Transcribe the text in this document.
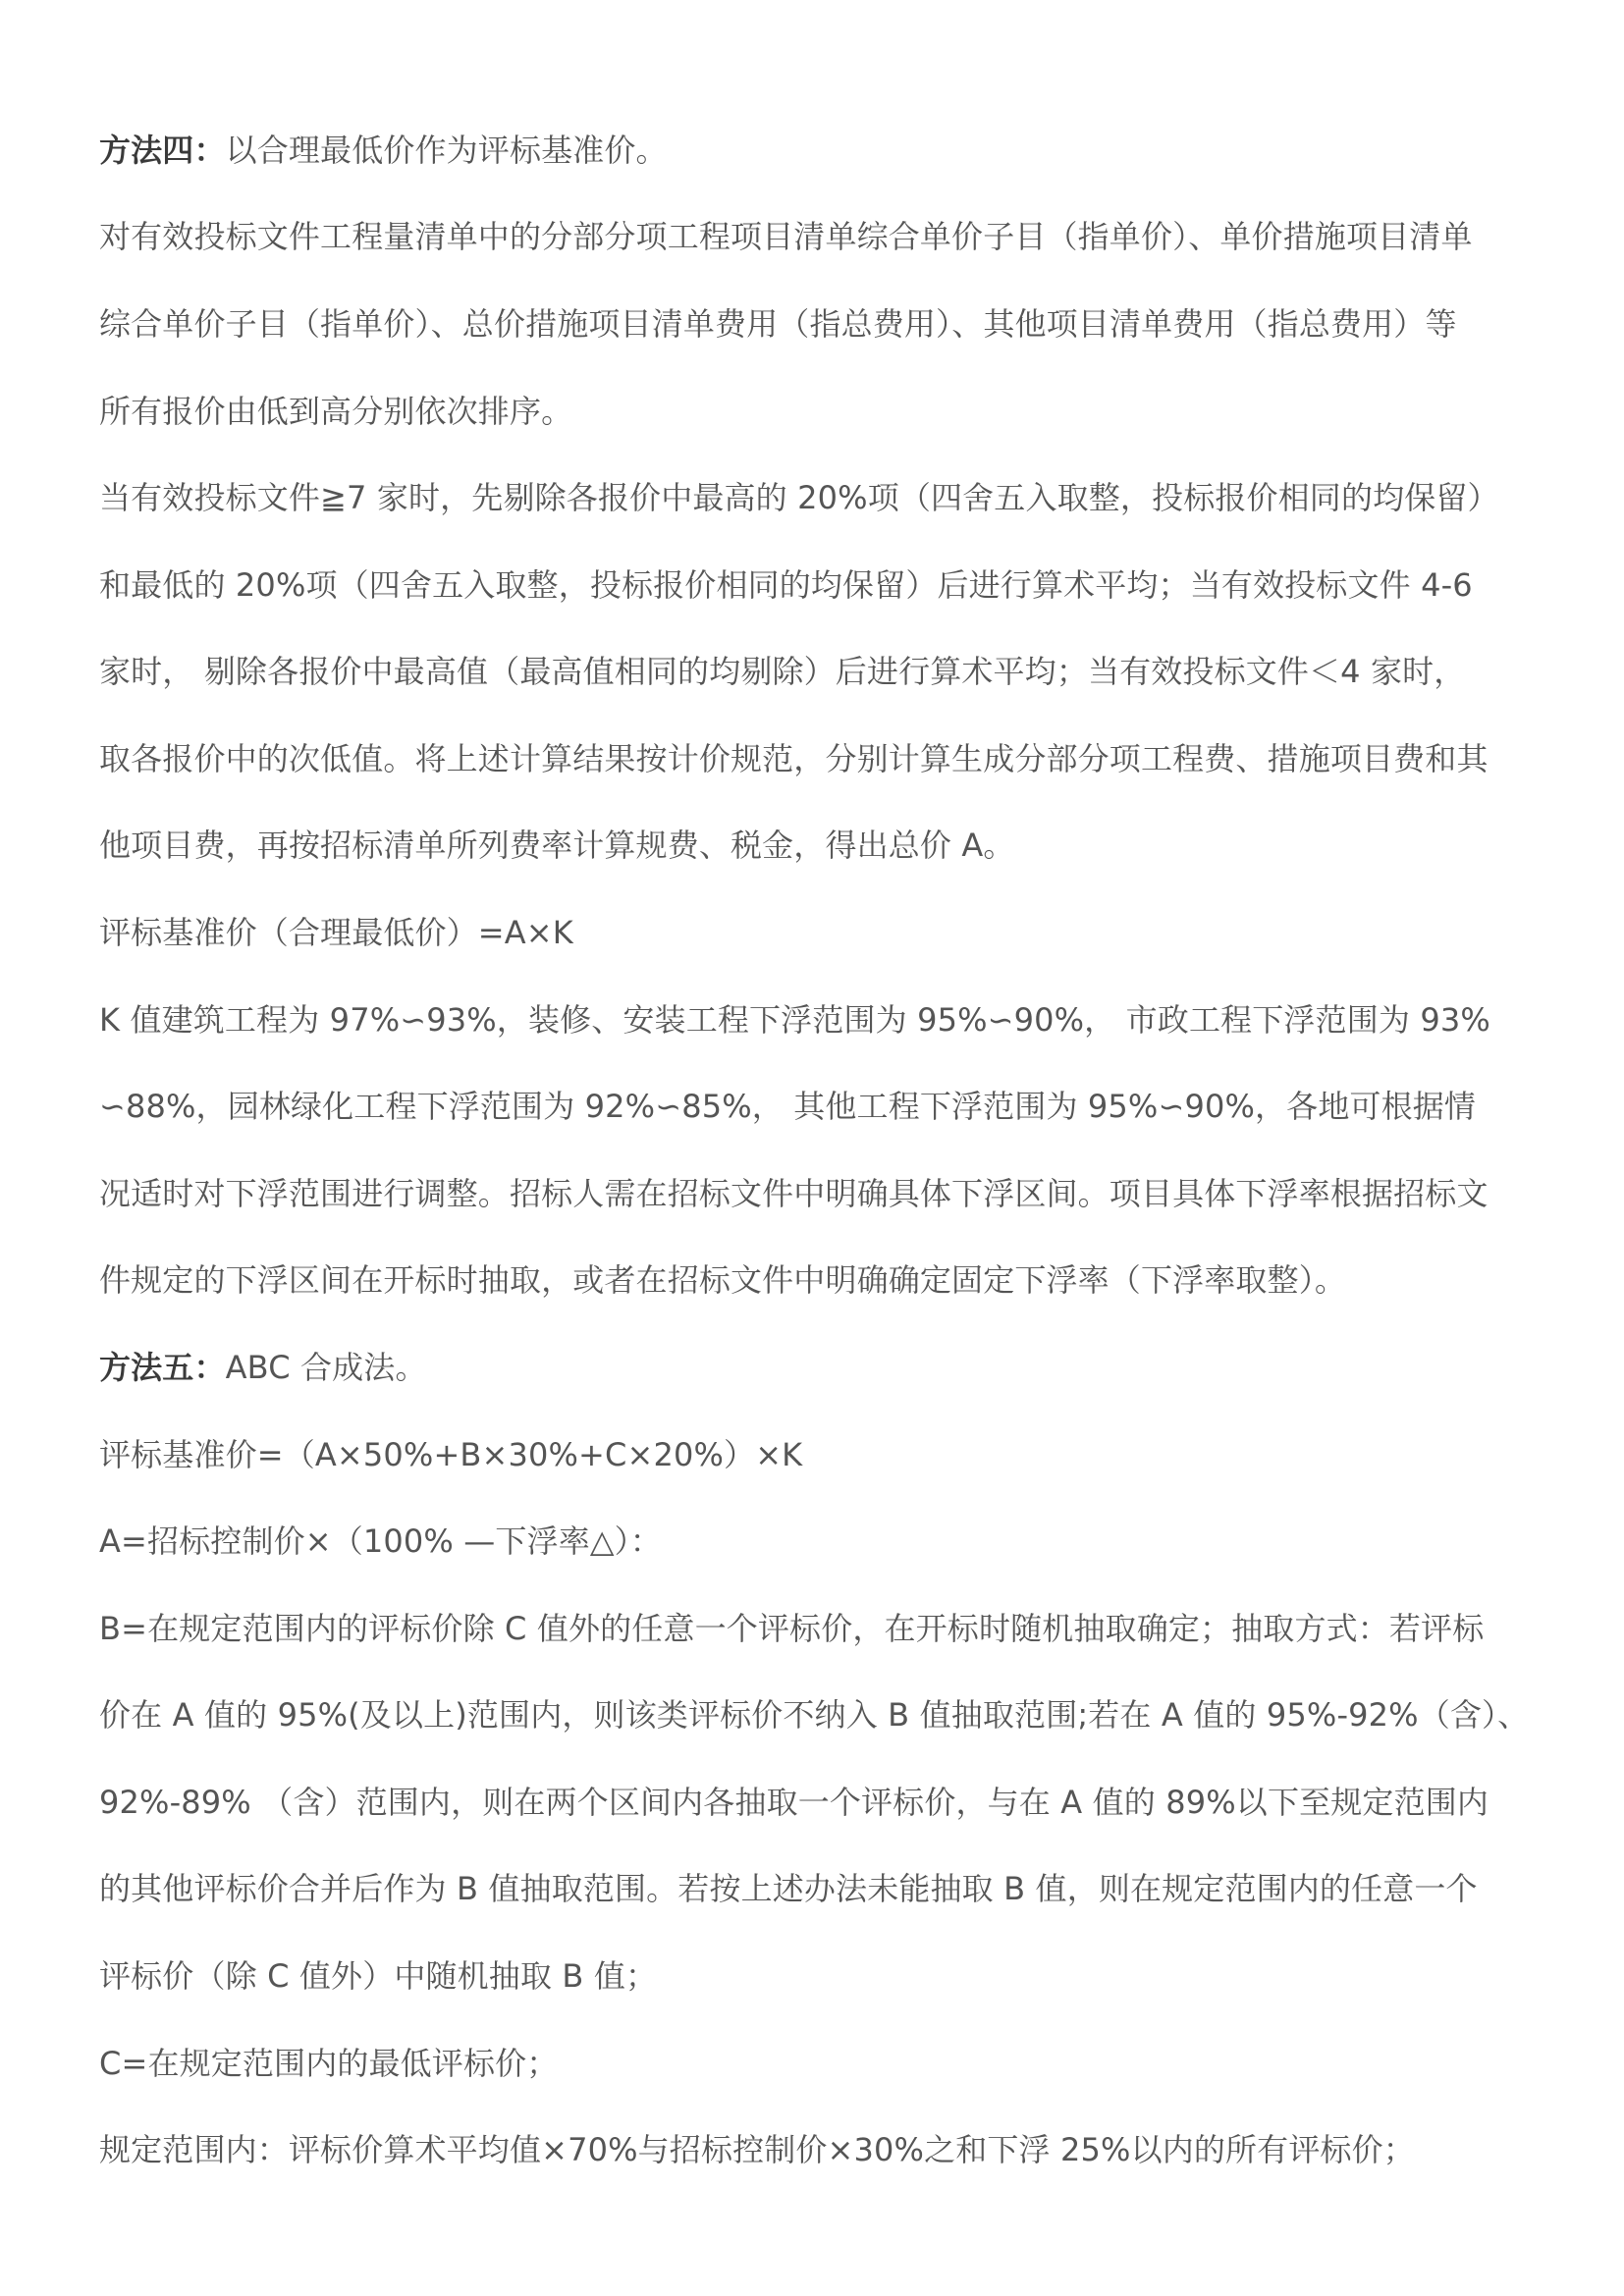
方法四：以合理最低价作为评标基准价。
对有效投标文件工程量清单中的分部分项工程项目清单综合单价子目（指单价）、单价措施项目清单
综合单价子目（指单价）、总价措施项目清单费用（指总费用）、其他项目清单费用（指总费用）等
所有报价由低到高分别依次排序。
当有效投标文件≧7 家时，先剔除各报价中最高的 20%项（四舍五入取整，投标报价相同的均保留）
和最低的 20%项（四舍五入取整，投标报价相同的均保留）后进行算术平均；当有效投标文件 4-6
家时， 剔除各报价中最高值（最高值相同的均剔除）后进行算术平均；当有效投标文件＜4 家时，
取各报价中的次低值。将上述计算结果按计价规范，分别计算生成分部分项工程费、措施项目费和其
他项目费，再按招标清单所列费率计算规费、税金，得出总价 A。
评标基准价（合理最低价）=A×K
K 值建筑工程为 97%∽93%，装修、安装工程下浮范围为 95%∽90%， 市政工程下浮范围为 93%
∽88%，园林绿化工程下浮范围为 92%∽85%， 其他工程下浮范围为 95%∽90%，各地可根据情
况适时对下浮范围进行调整。招标人需在招标文件中明确具体下浮区间。项目具体下浮率根据招标文
件规定的下浮区间在开标时抽取，或者在招标文件中明确确定固定下浮率（下浮率取整）。
方法五：ABC 合成法。
评标基准价=（A×50%+B×30%+C×20%）×K
A=招标控制价×（100% —下浮率△）：
B=在规定范围内的评标价除 C 值外的任意一个评标价，在开标时随机抽取确定；抽取方式：若评标
价在 A 值的 95%(及以上)范围内，则该类评标价不纳入 B 值抽取范围;若在 A 值的 95%-92%（含）、
92%-89% （含）范围内，则在两个区间内各抽取一个评标价，与在 A 值的 89%以下至规定范围内
的其他评标价合并后作为 B 值抽取范围。若按上述办法未能抽取 B 值，则在规定范围内的任意一个
评标价（除 C 值外）中随机抽取 B 值；
C=在规定范围内的最低评标价；
规定范围内：评标价算术平均值×70%与招标控制价×30%之和下浮 25%以内的所有评标价；
